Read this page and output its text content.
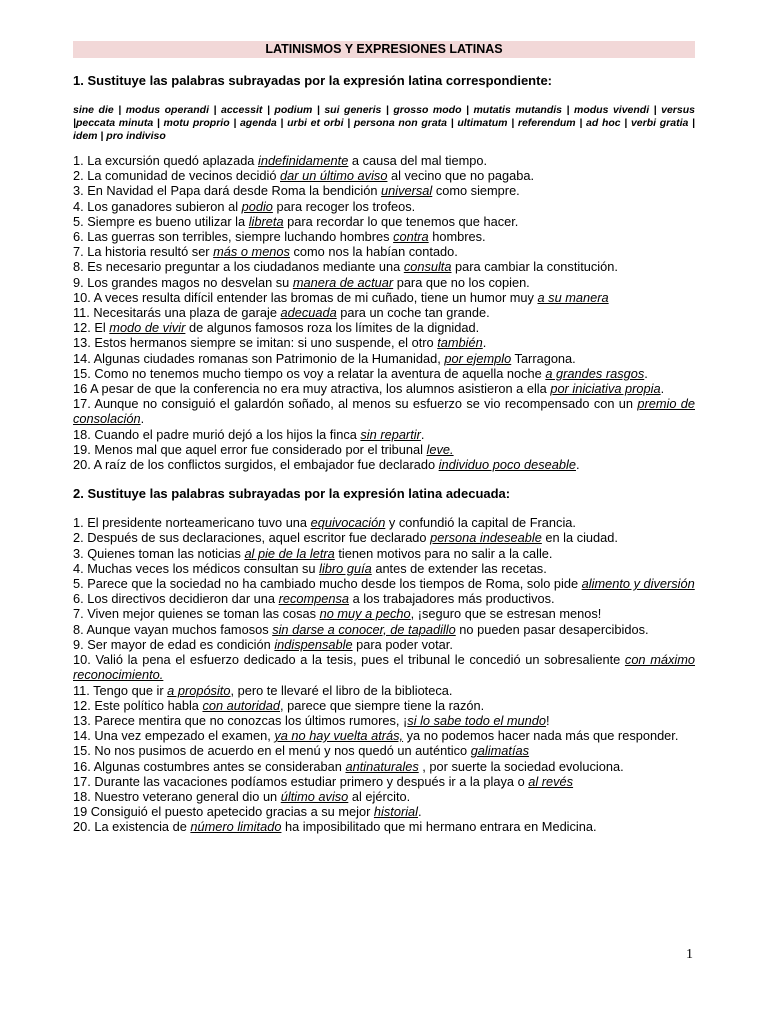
LATINISMOS Y EXPRESIONES LATINAS
1. Sustituye las palabras subrayadas por la expresión latina correspondiente:
sine die | modus operandi | accessit | podium | sui generis | grosso modo | mutatis mutandis | modus vivendi | versus |peccata minuta | motu proprio | agenda | urbi et orbi | persona non grata | ultimatum | referendum | ad hoc | verbi gratia | idem | pro indiviso
1. La excursión quedó aplazada indefinidamente a causa del mal tiempo.
2. La comunidad de vecinos decidió dar un último aviso al vecino que no pagaba.
3. En Navidad el Papa dará desde Roma la bendición universal como siempre.
4. Los ganadores subieron al podio para recoger los trofeos.
5. Siempre es bueno utilizar la libreta para recordar lo que tenemos que hacer.
6. Las guerras son terribles, siempre luchando hombres contra hombres.
7. La historia resultó ser más o menos como nos la habían contado.
8. Es necesario preguntar a los ciudadanos mediante una consulta para cambiar la constitución.
9. Los grandes magos no desvelan su manera de actuar para que no los copien.
10. A veces resulta difícil entender las bromas de mi cuñado, tiene un humor muy a su manera
11. Necesitarás una plaza de garaje adecuada para un coche tan grande.
12. El modo de vivir de algunos famosos roza los límites de la dignidad.
13. Estos hermanos siempre se imitan: si uno suspende, el otro también.
14. Algunas ciudades romanas son Patrimonio de la Humanidad, por ejemplo Tarragona.
15. Como no tenemos mucho tiempo os voy a relatar la aventura de aquella noche a grandes rasgos.
16 A pesar de que la conferencia no era muy atractiva, los alumnos asistieron a ella por iniciativa propia.
17. Aunque no consiguió el galardón soñado, al menos su esfuerzo se vio recompensado con un premio de consolación.
18. Cuando el padre murió dejó a los hijos la finca sin repartir.
19. Menos mal que aquel error fue considerado por el tribunal leve.
20. A raíz de los conflictos surgidos, el embajador fue declarado individuo poco deseable.
2. Sustituye las palabras subrayadas por la expresión latina adecuada:
1. El presidente norteamericano tuvo una equivocación y confundió la capital de Francia.
2. Después de sus declaraciones, aquel escritor fue declarado persona indeseable en la ciudad.
3. Quienes toman las noticias al pie de la letra tienen motivos para no salir a la calle.
4. Muchas veces los médicos consultan su libro guía antes de extender las recetas.
5. Parece que la sociedad no ha cambiado mucho desde los tiempos de Roma, solo pide alimento y diversión
6. Los directivos decidieron dar una recompensa a los trabajadores más productivos.
7. Viven mejor quienes se toman las cosas no muy a pecho, ¡seguro que se estresan menos!
8. Aunque vayan muchos famosos sin darse a conocer, de tapadillo no pueden pasar desapercibidos.
9. Ser mayor de edad es condición indispensable para poder votar.
10. Valió la pena el esfuerzo dedicado a la tesis, pues el tribunal le concedió un sobresaliente con máximo reconocimiento.
11. Tengo que ir a propósito, pero te llevaré el libro de la biblioteca.
12. Este político habla con autoridad, parece que siempre tiene la razón.
13. Parece mentira que no conozcas los últimos rumores, ¡si lo sabe todo el mundo!
14. Una vez empezado el examen, ya no hay vuelta atrás, ya no podemos hacer nada más que responder.
15. No nos pusimos de acuerdo en el menú y nos quedó un auténtico galimatías
16. Algunas costumbres antes se consideraban antinaturales , por suerte la sociedad evoluciona.
17. Durante las vacaciones podíamos estudiar primero y después ir a la playa o al revés
18. Nuestro veterano general dio un último aviso al ejército.
19 Consiguió el puesto apetecido gracias a su mejor historial.
20. La existencia de número limitado ha imposibilitado que mi hermano entrara en Medicina.
1
